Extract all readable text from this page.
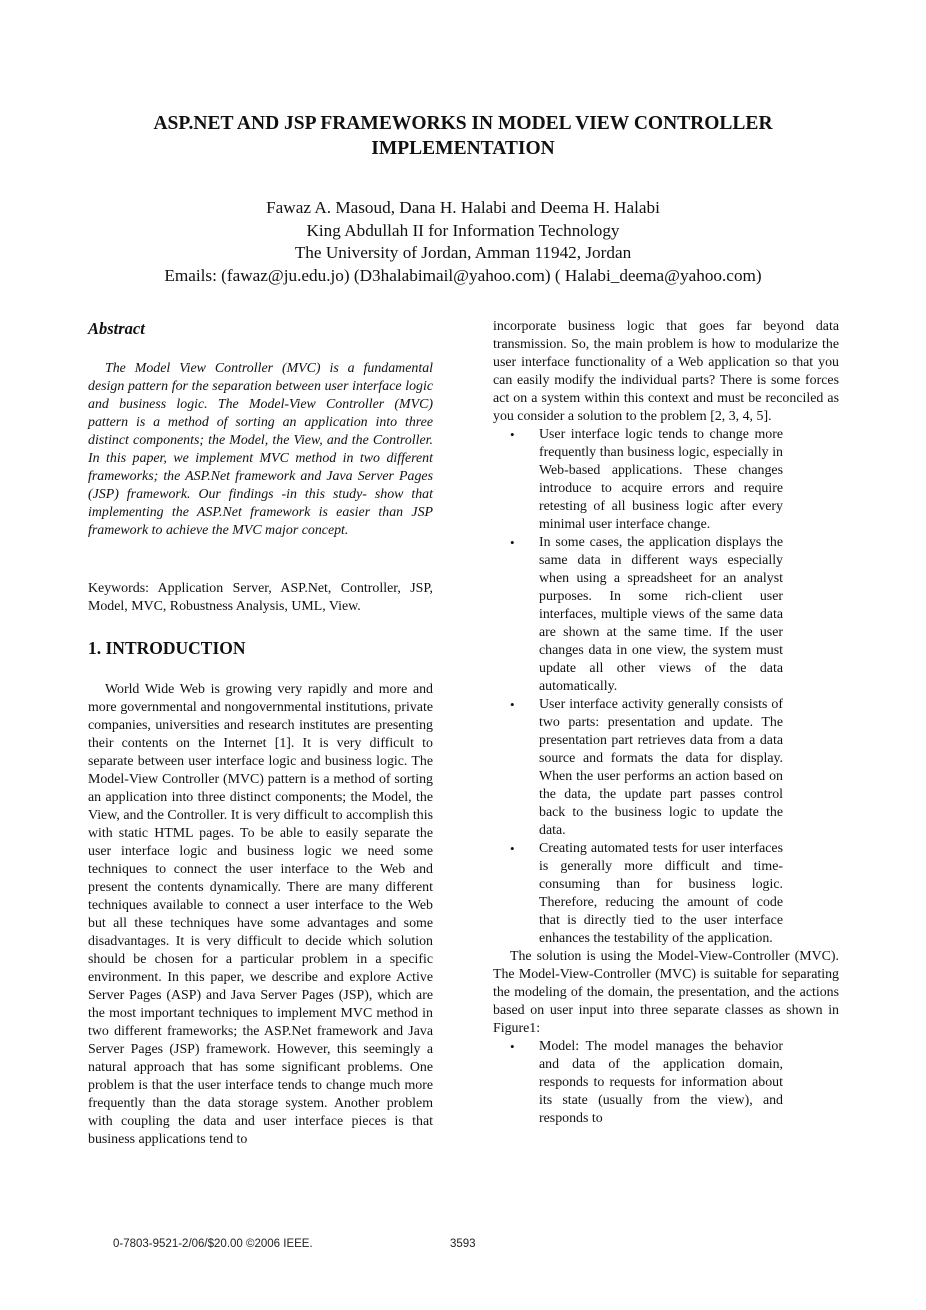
ASP.NET AND JSP FRAMEWORKS IN MODEL VIEW CONTROLLER IMPLEMENTATION
Fawaz A. Masoud, Dana H. Halabi and Deema H. Halabi
King Abdullah II for Information Technology
The University of Jordan, Amman 11942, Jordan
Emails: (fawaz@ju.edu.jo) (D3halabimail@yahoo.com) ( Halabi_deema@yahoo.com)
Abstract

The Model View Controller (MVC) is a fundamental design pattern for the separation between user interface logic and business logic. The Model-View Controller (MVC) pattern is a method of sorting an application into three distinct components; the Model, the View, and the Controller. In this paper, we implement MVC method in two different frameworks; the ASP.Net framework and Java Server Pages (JSP) framework. Our findings -in this study- show that implementing the ASP.Net framework is easier than JSP framework to achieve the MVC major concept.

Keywords: Application Server, ASP.Net, Controller, JSP, Model, MVC, Robustness Analysis, UML, View.

1. INTRODUCTION

World Wide Web is growing very rapidly and more and more governmental and nongovernmental institutions, private companies, universities and research institutes are presenting their contents on the Internet [1]. It is very difficult to separate between user interface logic and business logic. The Model-View Controller (MVC) pattern is a method of sorting an application into three distinct components; the Model, the View, and the Controller. It is very difficult to accomplish this with static HTML pages. To be able to easily separate the user interface logic and business logic we need some techniques to connect the user interface to the Web and present the contents dynamically. There are many different techniques available to connect a user interface to the Web but all these techniques have some advantages and some disadvantages. It is very difficult to decide which solution should be chosen for a particular problem in a specific environment. In this paper, we describe and explore Active Server Pages (ASP) and Java Server Pages (JSP), which are the most important techniques to implement MVC method in two different frameworks; the ASP.Net framework and Java Server Pages (JSP) framework. However, this seemingly a natural approach that has some significant problems. One problem is that the user interface tends to change much more frequently than the data storage system. Another problem with coupling the data and user interface pieces is that business applications tend to

incorporate business logic that goes far beyond data transmission. So, the main problem is how to modularize the user interface functionality of a Web application so that you can easily modify the individual parts? There is some forces act on a system within this context and must be reconciled as you consider a solution to the problem [2, 3, 4, 5].

• User interface logic tends to change more frequently than business logic, especially in Web-based applications. These changes introduce to acquire errors and require retesting of all business logic after every minimal user interface change.
• In some cases, the application displays the same data in different ways especially when using a spreadsheet for an analyst purposes. In some rich-client user interfaces, multiple views of the same data are shown at the same time. If the user changes data in one view, the system must update all other views of the data automatically.
• User interface activity generally consists of two parts: presentation and update. The presentation part retrieves data from a data source and formats the data for display. When the user performs an action based on the data, the update part passes control back to the business logic to update the data.
• Creating automated tests for user interfaces is generally more difficult and time-consuming than for business logic. Therefore, reducing the amount of code that is directly tied to the user interface enhances the testability of the application.

The solution is using the Model-View-Controller (MVC). The Model-View-Controller (MVC) is suitable for separating the modeling of the domain, the presentation, and the actions based on user input into three separate classes as shown in Figure1:

• Model: The model manages the behavior and data of the application domain, responds to requests for information about its state (usually from the view), and responds to
0-7803-9521-2/06/$20.00 ©2006 IEEE.	3593
